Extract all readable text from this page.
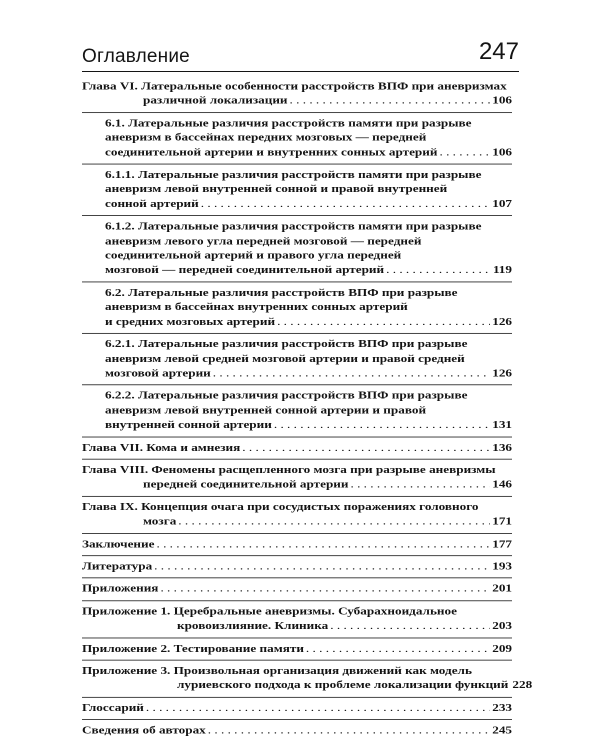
Оглавление	247
Глава VI. Латеральные особенности расстройств ВПФ при аневризмах
различной локализации . . .	106
6.1. Латеральные различия расстройств памяти при разрыве
аневризм в бассейнах передних мозговых — передней
соединительной артерии и внутренних сонных артерий . . .	106
6.1.1. Латеральные различия расстройств памяти при разрыве
аневризм левой внутренней сонной и правой внутренней
сонной артерий . . .	107
6.1.2. Латеральные различия расстройств памяти при разрыве
аневризм левого угла передней мозговой — передней
соединительной артерий и правого угла передней
мозговой — передней соединительной артерий . . .	119
6.2. Латеральные различия расстройств ВПФ при разрыве
аневризм в бассейнах внутренних сонных артерий
и средних мозговых артерий . . .	126
6.2.1. Латеральные различия расстройств ВПФ при разрыве
аневризм левой средней мозговой артерии и правой средней
мозговой артерии . . .	126
6.2.2. Латеральные различия расстройств ВПФ при разрыве
аневризм левой внутренней сонной артерии и правой
внутренней сонной артерии . . .	131
Глава VII. Кома и амнезия . . .	136
Глава VIII. Феномены расщепленного мозга при разрыве аневризмы
передней соединительной артерии . . .	146
Глава IX. Концепция очага при сосудистых поражениях головного
мозга . . .	171
Заключение . . .	177
Литература . . .	193
Приложения . . .	201
Приложение 1. Церебральные аневризмы. Субарахноидальное
кровоизлияние. Клиника . . .	203
Приложение 2. Тестирование памяти . . .	209
Приложение 3. Произвольная организация движений как модель
луриевского подхода к проблеме локализации функций 228
Глоссарий . . .	233
Сведения об авторах . . .	245
